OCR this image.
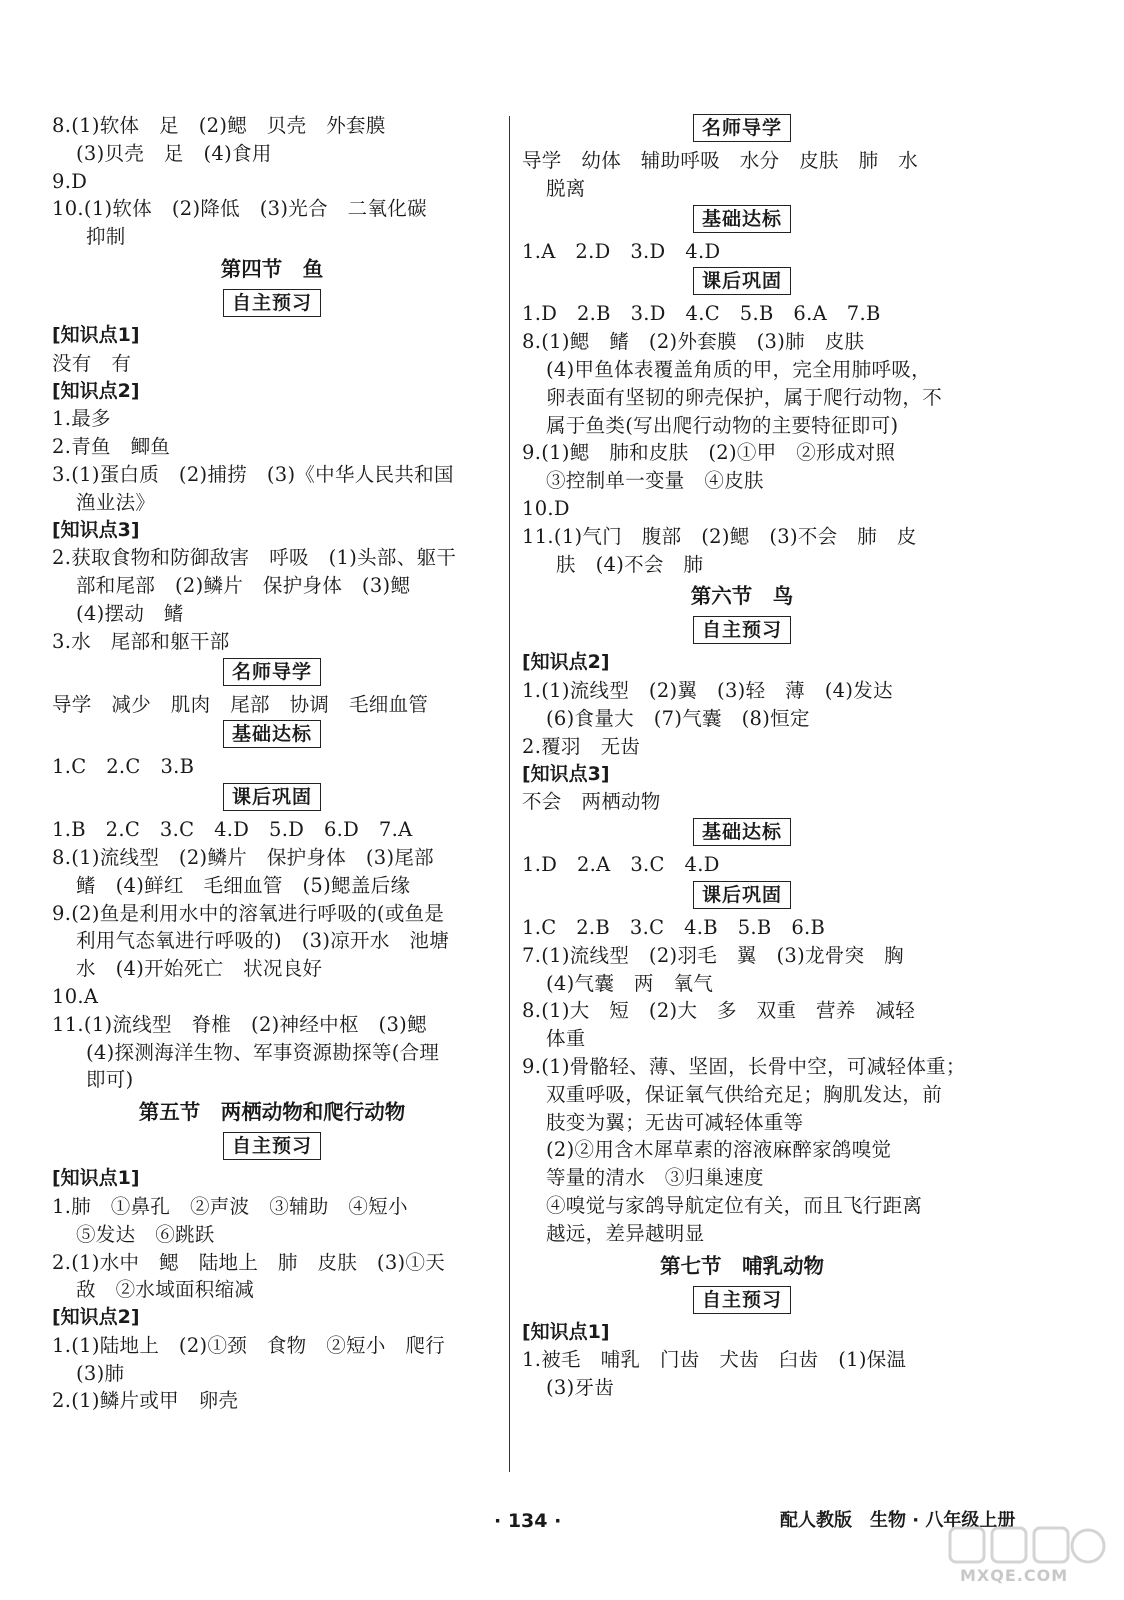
8.(1)软体　足　(2)鳃　贝壳　外套膜
(3)贝壳　足　(4)食用
9.D
10.(1)软体　(2)降低　(3)光合　二氧化碳
抑制
第四节　鱼
自主预习
[知识点1]
没有　有
[知识点2]
1.最多
2.青鱼　鲫鱼
3.(1)蛋白质　(2)捕捞　(3)《中华人民共和国
渔业法》
[知识点3]
2.获取食物和防御敌害　呼吸　(1)头部、躯干
部和尾部　(2)鳞片　保护身体　(3)鳃
(4)摆动　鳍
3.水　尾部和躯干部
名师导学
导学　减少　肌肉　尾部　协调　毛细血管
基础达标
1.C　2.C　3.B
课后巩固
1.B　2.C　3.C　4.D　5.D　6.D　7.A
8.(1)流线型　(2)鳞片　保护身体　(3)尾部
鳍　(4)鲜红　毛细血管　(5)鳃盖后缘
9.(2)鱼是利用水中的溶氧进行呼吸的(或鱼是
利用气态氧进行呼吸的)　(3)凉开水　池塘
水　(4)开始死亡　状况良好
10.A
11.(1)流线型　脊椎　(2)神经中枢　(3)鳃
(4)探测海洋生物、军事资源勘探等(合理
即可)
第五节　两栖动物和爬行动物
自主预习
[知识点1]
1.肺　①鼻孔　②声波　③辅助　④短小
⑤发达　⑥跳跃
2.(1)水中　鳃　陆地上　肺　皮肤　(3)①天
敌　②水域面积缩减
[知识点2]
1.(1)陆地上　(2)①颈　食物　②短小　爬行
(3)肺
2.(1)鳞片或甲　卵壳
名师导学
导学　幼体　辅助呼吸　水分　皮肤　肺　水
脱离
基础达标
1.A　2.D　3.D　4.D
课后巩固
1.D　2.B　3.D　4.C　5.B　6.A　7.B
8.(1)鳃　鳍　(2)外套膜　(3)肺　皮肤
(4)甲鱼体表覆盖角质的甲，完全用肺呼吸，
卵表面有坚韧的卵壳保护，属于爬行动物，不
属于鱼类(写出爬行动物的主要特征即可)
9.(1)鳃　肺和皮肤　(2)①甲　②形成对照
③控制单一变量　④皮肤
10.D
11.(1)气门　腹部　(2)鳃　(3)不会　肺　皮
肤　(4)不会　肺
第六节　鸟
自主预习
[知识点2]
1.(1)流线型　(2)翼　(3)轻　薄　(4)发达
(6)食量大　(7)气囊　(8)恒定
2.覆羽　无齿
[知识点3]
不会　两栖动物
基础达标
1.D　2.A　3.C　4.D
课后巩固
1.C　2.B　3.C　4.B　5.B　6.B
7.(1)流线型　(2)羽毛　翼　(3)龙骨突　胸
(4)气囊　两　氧气
8.(1)大　短　(2)大　多　双重　营养　减轻
体重
9.(1)骨骼轻、薄、坚固，长骨中空，可减轻体重；
双重呼吸，保证氧气供给充足；胸肌发达，前
肢变为翼；无齿可减轻体重等
(2)②用含木犀草素的溶液麻醉家鸽嗅觉
等量的清水　③归巢速度
④嗅觉与家鸽导航定位有关，而且飞行距离
越远，差异越明显
第七节　哺乳动物
自主预习
[知识点1]
1.被毛　哺乳　门齿　犬齿　臼齿　(1)保温
(3)牙齿
· 134 ·	配人教版　生物 · 八年级上册
MXQE.COM
